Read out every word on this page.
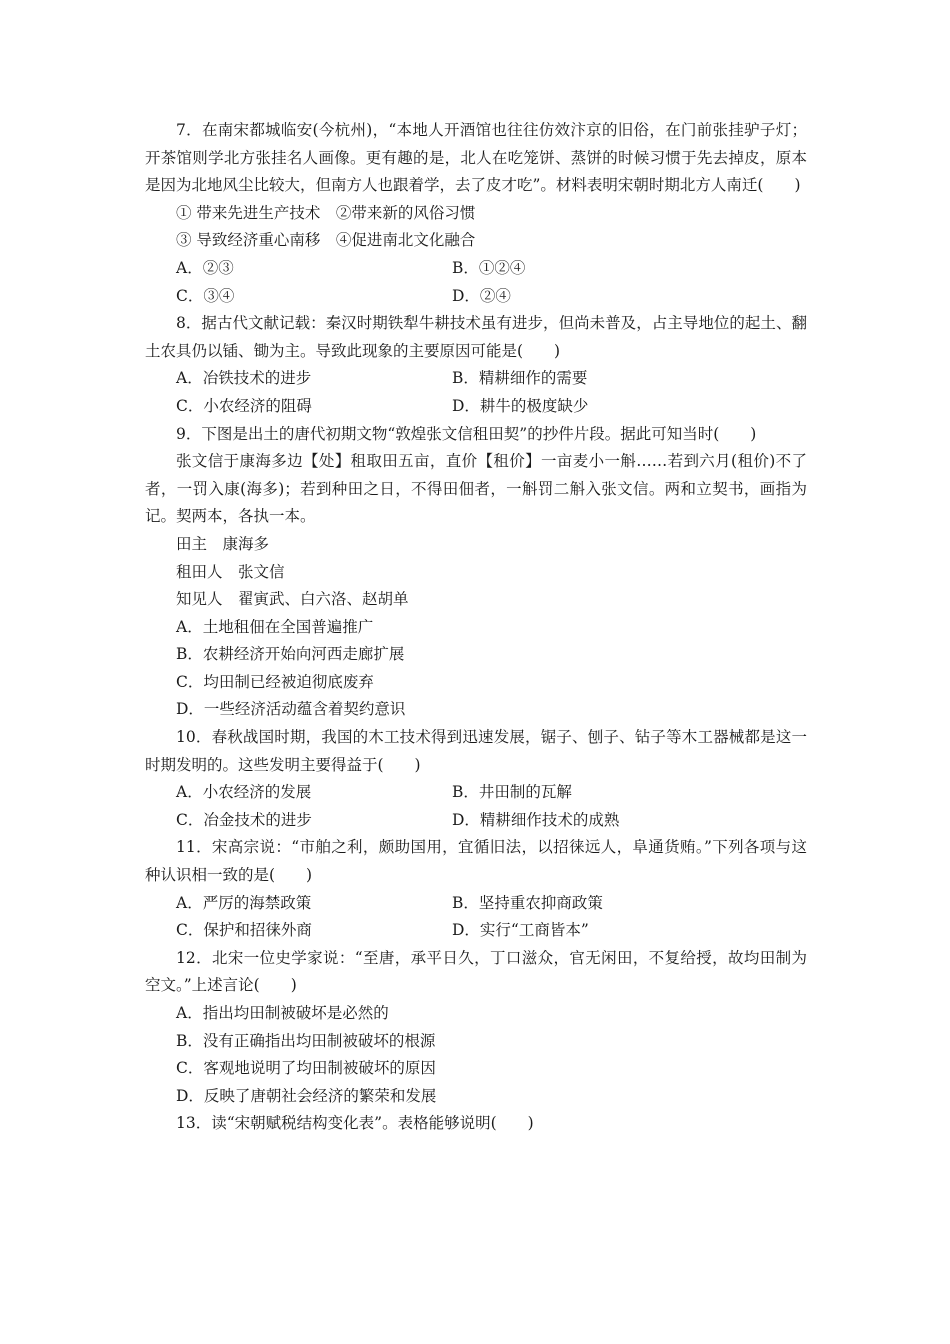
7．在南宋都城临安(今杭州)，“本地人开酒馆也往往仿效汴京的旧俗，在门前张挂驴子灯；开茶馆则学北方张挂名人画像。更有趣的是，北人在吃笼饼、蒸饼的时候习惯于先去掉皮，原本是因为北地风尘比较大，但南方人也跟着学，去了皮才吃”。材料表明宋朝时期北方人南迁(　　)

① 带来先进生产技术　②带来新的风俗习惯

③ 导致经济重心南移　④促进南北文化融合

A．②③	B．①②④
C．③④	D．②④

8．据古代文献记载：秦汉时期铁犁牛耕技术虽有进步，但尚未普及，占主导地位的起土、翻土农具仍以锸、锄为主。导致此现象的主要原因可能是(　　)

A．冶铁技术的进步	B．精耕细作的需要
C．小农经济的阻碍	D．耕牛的极度缺少

9．下图是出土的唐代初期文物“敦煌张文信租田契”的抄件片段。据此可知当时(　　)

张文信于康海多边【处】租取田五亩，直价【租价】一亩麦小一斛……若到六月(租价)不了者，一罚入康(海多)；若到种田之日，不得田佃者，一斛罚二斛入张文信。两和立契书，画指为记。契两本，各执一本。

田主　康海多

租田人　张文信

知见人　翟寅武、白六洛、赵胡单

A．土地租佃在全国普遍推广

B．农耕经济开始向河西走廊扩展

C．均田制已经被迫彻底废弃

D．一些经济活动蕴含着契约意识

10．春秋战国时期，我国的木工技术得到迅速发展，锯子、刨子、钻子等木工器械都是这一时期发明的。这些发明主要得益于(　　)

A．小农经济的发展	B．井田制的瓦解
C．冶金技术的进步	D．精耕细作技术的成熟

11．宋高宗说：“市舶之利，颇助国用，宜循旧法，以招徕远人，阜通货贿。”下列各项与这种认识相一致的是(　　)

A．严厉的海禁政策	B．坚持重农抑商政策
C．保护和招徕外商	D．实行“工商皆本”

12．北宋一位史学家说：“至唐，承平日久，丁口滋众，官无闲田，不复给授，故均田制为空文。”上述言论(　　)

A．指出均田制被破坏是必然的

B．没有正确指出均田制被破坏的根源

C．客观地说明了均田制被破坏的原因

D．反映了唐朝社会经济的繁荣和发展

13．读“宋朝赋税结构变化表”。表格能够说明(　　)
